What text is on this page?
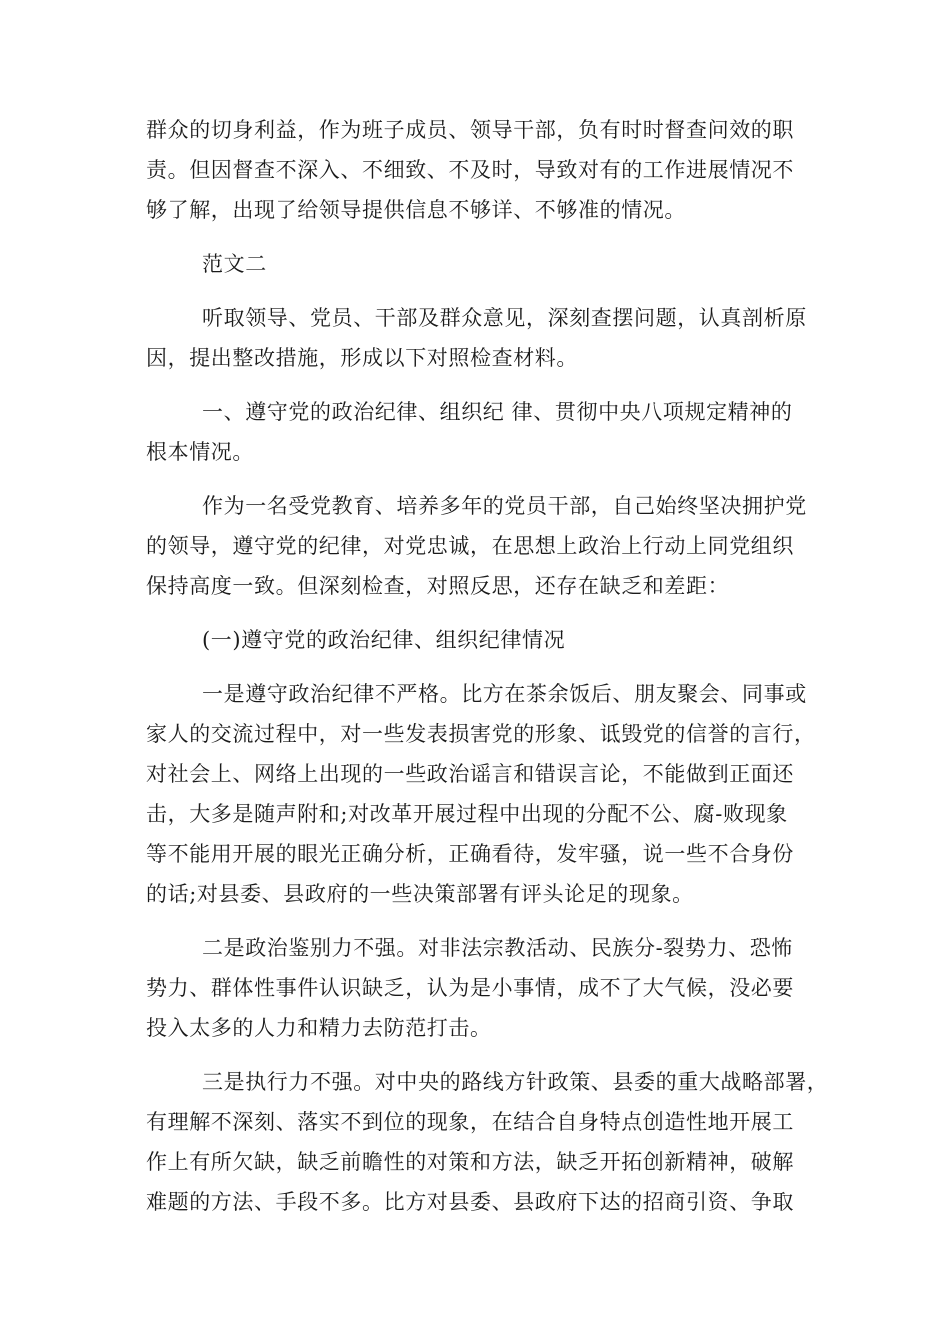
群众的切身利益，作为班子成员、领导干部，负有时时督查问效的职
责。但因督查不深入、不细致、不及时，导致对有的工作进展情况不
够了解，出现了给领导提供信息不够详、不够准的情况。

范文二

听取领导、党员、干部及群众意见，深刻查摆问题，认真剖析原
因，提出整改措施，形成以下对照检查材料。

一、遵守党的政治纪律、组织纪 律、贯彻中央八项规定精神的
根本情况。

作为一名受党教育、培养多年的党员干部，自己始终坚决拥护党
的领导，遵守党的纪律，对党忠诚，在思想上政治上行动上同党组织
保持高度一致。但深刻检查，对照反思，还存在缺乏和差距：

(一)遵守党的政治纪律、组织纪律情况

一是遵守政治纪律不严格。比方在茶余饭后、朋友聚会、同事或
家人的交流过程中，对一些发表损害党的形象、诋毁党的信誉的言行，
对社会上、网络上出现的一些政治谣言和错误言论，不能做到正面还
击，大多是随声附和;对改革开展过程中出现的分配不公、腐-败现象
等不能用开展的眼光正确分析，正确看待，发牢骚，说一些不合身份
的话;对县委、县政府的一些决策部署有评头论足的现象。

二是政治鉴别力不强。对非法宗教活动、民族分-裂势力、恐怖
势力、群体性事件认识缺乏，认为是小事情，成不了大气候，没必要
投入太多的人力和精力去防范打击。

三是执行力不强。对中央的路线方针政策、县委的重大战略部署，
有理解不深刻、落实不到位的现象，在结合自身特点创造性地开展工
作上有所欠缺，缺乏前瞻性的对策和方法，缺乏开拓创新精神，破解
难题的方法、手段不多。比方对县委、县政府下达的招商引资、争取
